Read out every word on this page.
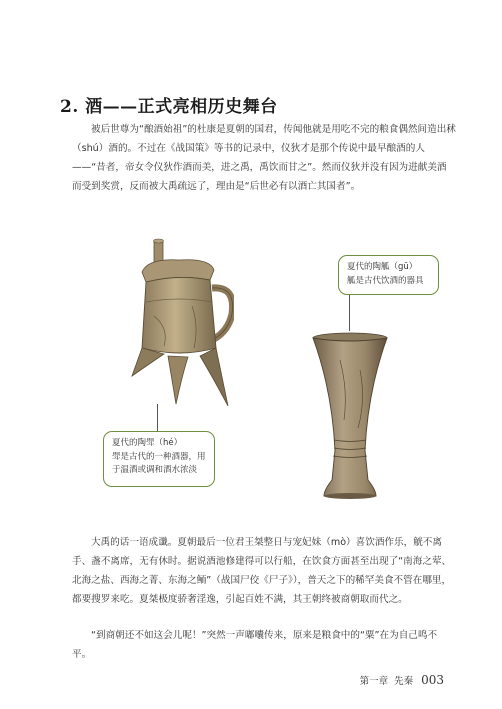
2. 酒——正式亮相历史舞台

被后世尊为“酿酒始祖”的杜康是夏朝的国君，传闻他就是用吃不完的粮食偶然间造出秫（shú）酒的。不过在《战国策》等书的记录中，仪狄才是那个传说中最早酿酒的人——“昔者，帝女令仪狄作酒而美，进之禹，禹饮而甘之”。然而仪狄并没有因为进献美酒而受到奖赏，反而被大禹疏远了，理由是“后世必有以酒亡其国者”。

夏代的陶斝（hé）
斝是古代的一种酒器，用
于温酒或调和酒水浓淡
夏代的陶觚（gū）
觚是古代饮酒的器具

大禹的话一语成谶。夏朝最后一位君王桀整日与宠妃妹（mò）喜饮酒作乐，觥不离手、盏不离席，无有休时。据说酒池修建得可以行船，在饮食方面甚至出现了“南海之荤、北海之盐、西海之菁、东海之鲕”（战国尸佼《尸子》），普天之下的稀罕美食不管在哪里，都要搜罗来吃。夏桀极度骄奢淫逸，引起百姓不满，其王朝终被商朝取而代之。

“到商朝还不如这会儿呢！”突然一声嘟囔传来，原来是粮食中的“粟”在为自己鸣不平。

第一章 先秦 003
